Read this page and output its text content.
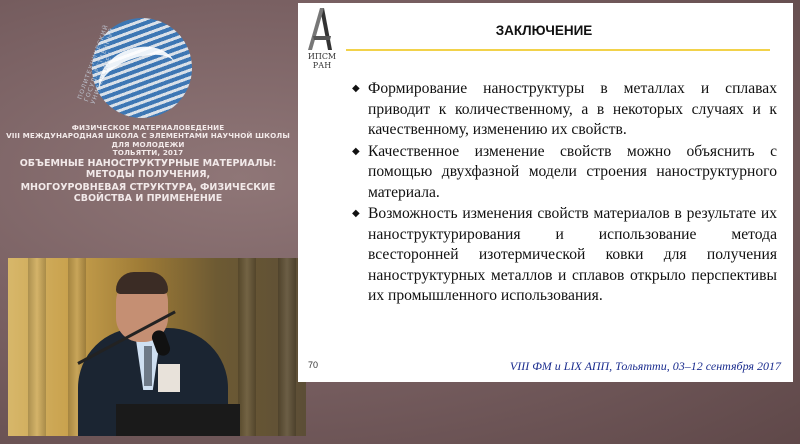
ПОЛИТЕХНИЧЕСКИЙ ГОСУДАРСТВЕННЫЙ УНИВЕРСИТЕТ
ФИЗИЧЕСКОЕ МАТЕРИАЛОВЕДЕНИЕ
VIII МЕЖДУНАРОДНАЯ ШКОЛА С ЭЛЕМЕНТАМИ НАУЧНОЙ ШКОЛЫ ДЛЯ МОЛОДЕЖИ
ТОЛЬЯТТИ, 2017
ОБЪЕМНЫЕ НАНОСТРУКТУРНЫЕ МАТЕРИАЛЫ: МЕТОДЫ ПОЛУЧЕНИЯ,
МНОГОУРОВНЕВАЯ СТРУКТУРА, ФИЗИЧЕСКИЕ СВОЙСТВА И ПРИМЕНЕНИЕ
ИПСМ
РАН
ЗАКЛЮЧЕНИЕ
◆ Формирование наноструктуры в металлах и сплавах приводит к количественному, а в некоторых случаях и к качественному, изменению их свойств.
◆ Качественное изменение свойств можно объяснить с помощью двухфазной модели строения наноструктурного материала.
◆ Возможность изменения свойств материалов в результате их наноструктурирования и использование метода всесторонней изотермической ковки для получения наноструктурных металлов и сплавов открыло перспективы их промышленного использования.
70	VIII ФМ и LIX АПП, Тольятти, 03–12 сентября 2017
